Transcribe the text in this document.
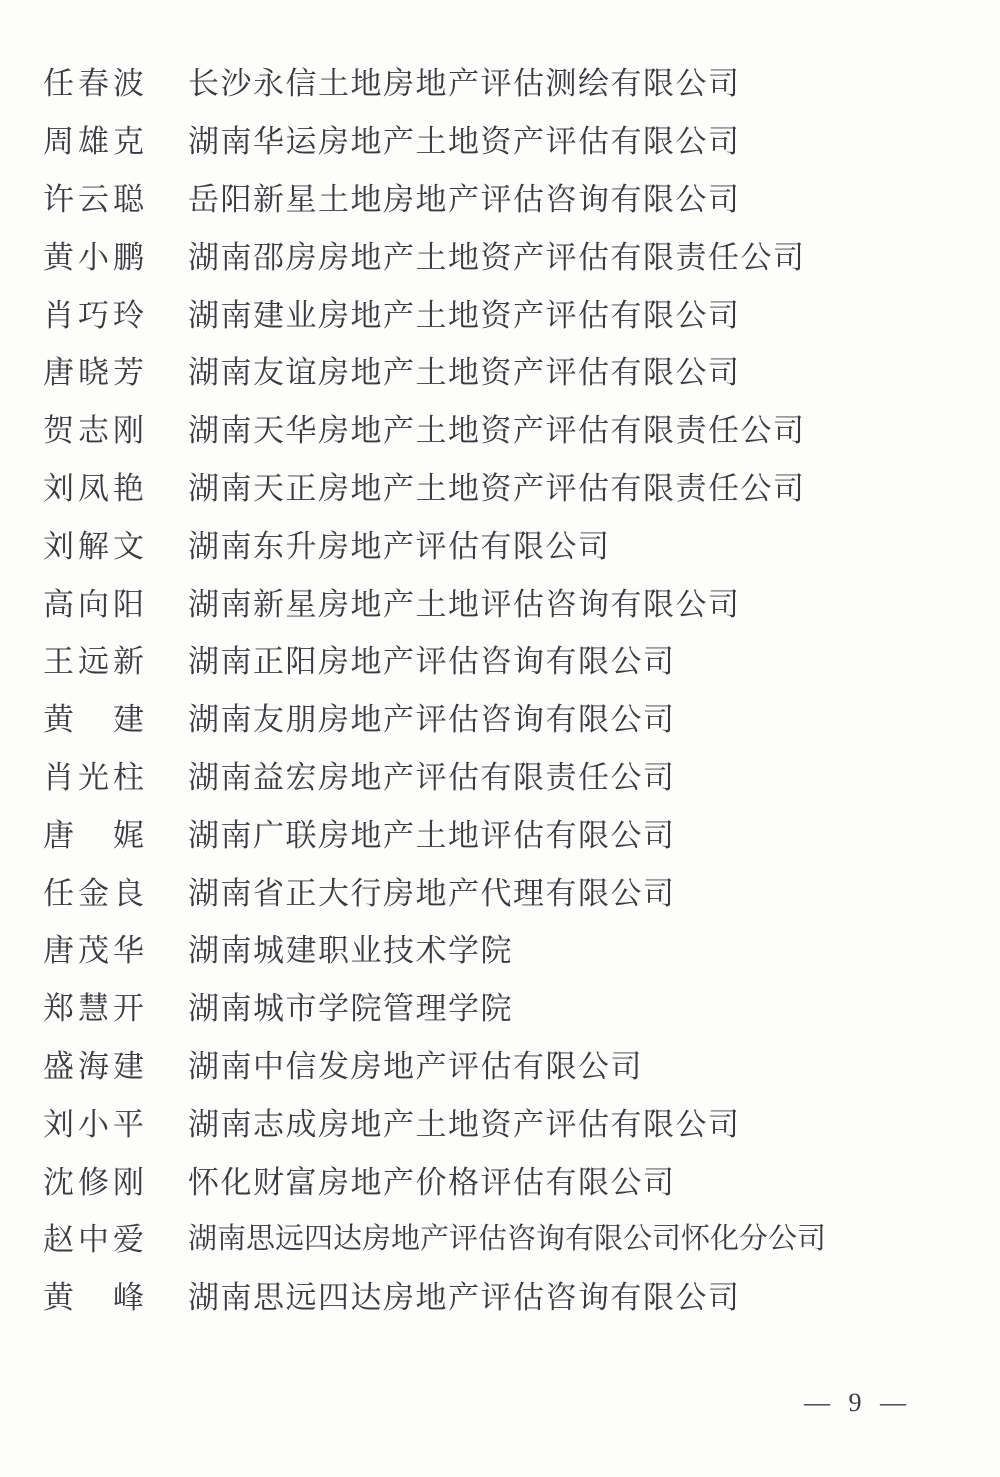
任春波 长沙永信土地房地产评估测绘有限公司
周雄克 湖南华运房地产土地资产评估有限公司
许云聪 岳阳新星土地房地产评估咨询有限公司
黄小鹏 湖南邵房房地产土地资产评估有限责任公司
肖巧玲 湖南建业房地产土地资产评估有限公司
唐晓芳 湖南友谊房地产土地资产评估有限公司
贺志刚 湖南天华房地产土地资产评估有限责任公司
刘凤艳 湖南天正房地产土地资产评估有限责任公司
刘解文 湖南东升房地产评估有限公司
高向阳 湖南新星房地产土地评估咨询有限公司
王远新 湖南正阳房地产评估咨询有限公司
黄　建 湖南友朋房地产评估咨询有限公司
肖光柱 湖南益宏房地产评估有限责任公司
唐　娓 湖南广联房地产土地评估有限公司
任金良 湖南省正大行房地产代理有限公司
唐茂华 湖南城建职业技术学院
郑慧开 湖南城市学院管理学院
盛海建 湖南中信发房地产评估有限公司
刘小平 湖南志成房地产土地资产评估有限公司
沈修刚 怀化财富房地产价格评估有限公司
赵中爱 湖南思远四达房地产评估咨询有限公司怀化分公司
黄　峰 湖南思远四达房地产评估咨询有限公司
— 9 —
